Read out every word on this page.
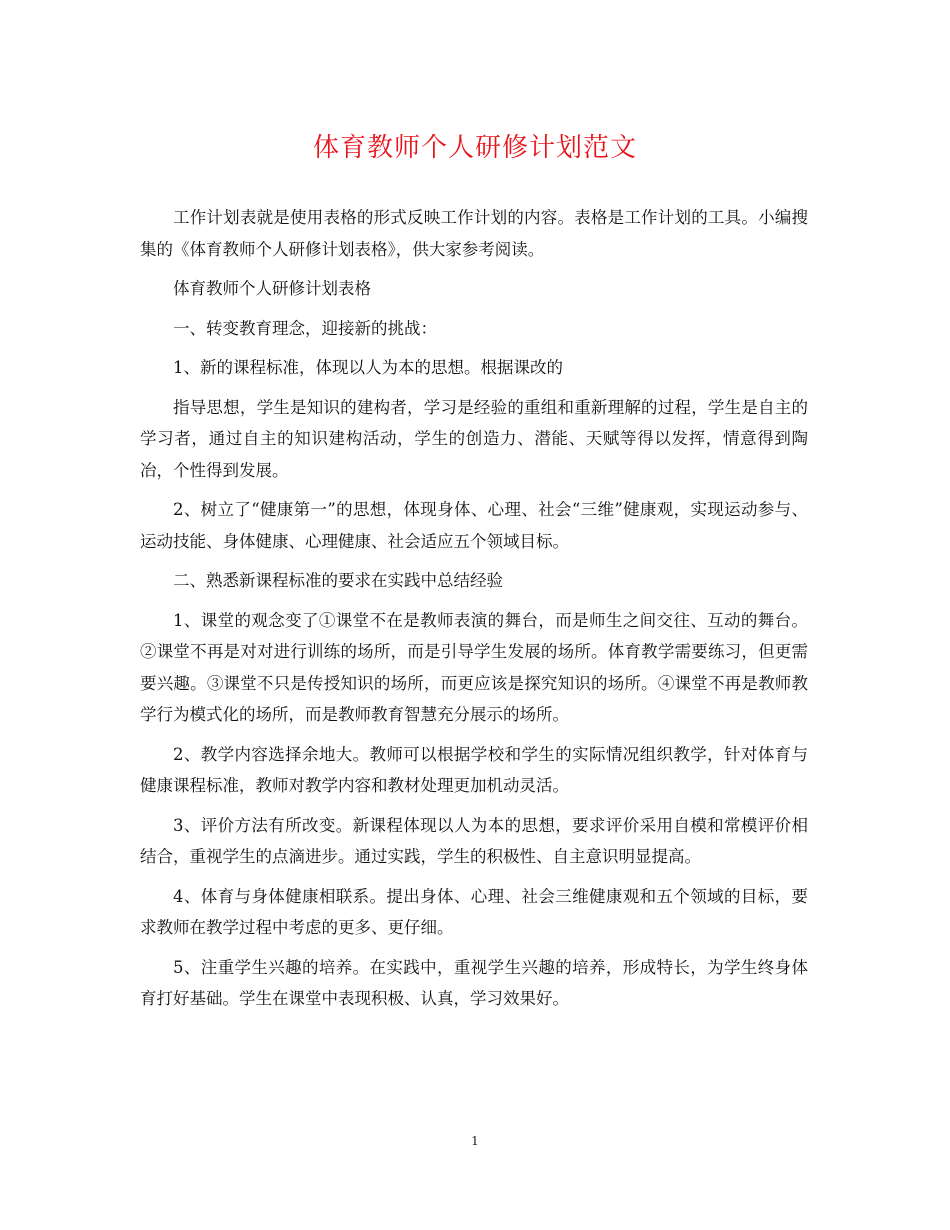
体育教师个人研修计划范文

工作计划表就是使用表格的形式反映工作计划的内容。表格是工作计划的工具。小编搜集的《体育教师个人研修计划表格》，供大家参考阅读。

体育教师个人研修计划表格

一、转变教育理念，迎接新的挑战：

1、新的课程标准，体现以人为本的思想。根据课改的

指导思想，学生是知识的建构者，学习是经验的重组和重新理解的过程，学生是自主的学习者，通过自主的知识建构活动，学生的创造力、潜能、天赋等得以发挥，情意得到陶冶，个性得到发展。

2、树立了“健康第一”的思想，体现身体、心理、社会“三维”健康观，实现运动参与、运动技能、身体健康、心理健康、社会适应五个领域目标。

二、熟悉新课程标准的要求在实践中总结经验

1、课堂的观念变了①课堂不在是教师表演的舞台，而是师生之间交往、互动的舞台。②课堂不再是对对进行训练的场所，而是引导学生发展的场所。体育教学需要练习，但更需要兴趣。③课堂不只是传授知识的场所，而更应该是探究知识的场所。④课堂不再是教师教学行为模式化的场所，而是教师教育智慧充分展示的场所。

2、教学内容选择余地大。教师可以根据学校和学生的实际情况组织教学，针对体育与健康课程标准，教师对教学内容和教材处理更加机动灵活。

3、评价方法有所改变。新课程体现以人为本的思想，要求评价采用自模和常模评价相结合，重视学生的点滴进步。通过实践，学生的积极性、自主意识明显提高。

4、体育与身体健康相联系。提出身体、心理、社会三维健康观和五个领域的目标，要求教师在教学过程中考虑的更多、更仔细。

5、注重学生兴趣的培养。在实践中，重视学生兴趣的培养，形成特长，为学生终身体育打好基础。学生在课堂中表现积极、认真，学习效果好。

1
